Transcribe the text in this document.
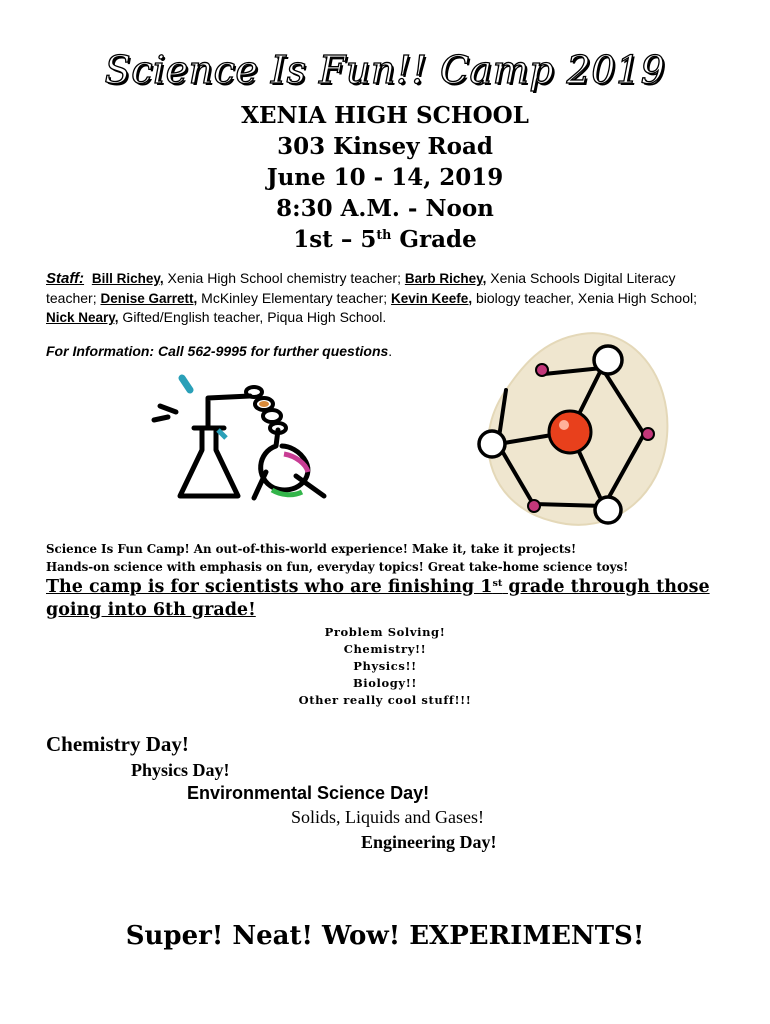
Science Is Fun!! Camp 2019
XENIA HIGH SCHOOL
303 Kinsey Road
June 10 - 14, 2019
8:30 A.M. - Noon
1st – 5th Grade
Staff: Bill Richey, Xenia High School chemistry teacher; Barb Richey, Xenia Schools Digital Literacy teacher; Denise Garrett, McKinley Elementary teacher; Kevin Keefe, biology teacher, Xenia High School; Nick Neary, Gifted/English teacher, Piqua High School.
For Information: Call 562-9995 for further questions.
Science Is Fun Camp! An out-of-this-world experience! Make it, take it projects!
Hands-on science with emphasis on fun, everyday topics! Great take-home science toys!
The camp is for scientists who are finishing 1st grade through those going into 6th grade!
Problem Solving!
Chemistry!!
Physics!!
Biology!!
Other really cool stuff!!!
Chemistry Day!
Physics Day!
Environmental Science Day!
Solids, Liquids and Gases!
Engineering Day!
Super! Neat! Wow! EXPERIMENTS!
